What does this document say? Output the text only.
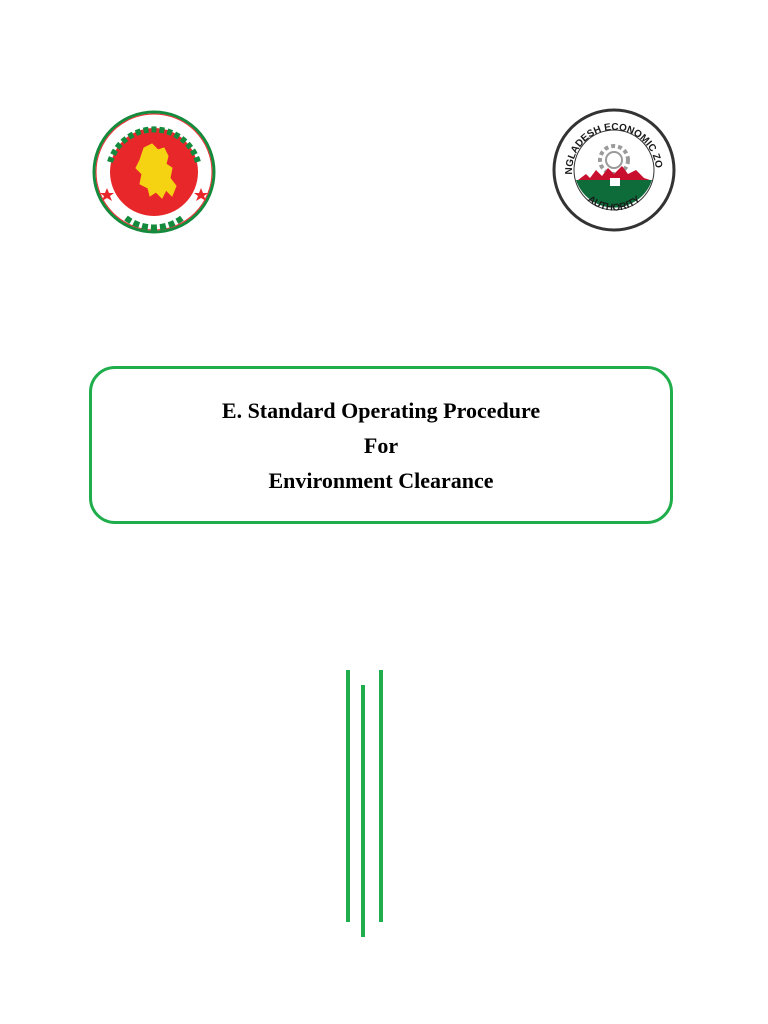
NGLADESH ECONOMIC ZO
AUTHORITY
E. Standard Operating Procedure
For
Environment Clearance
